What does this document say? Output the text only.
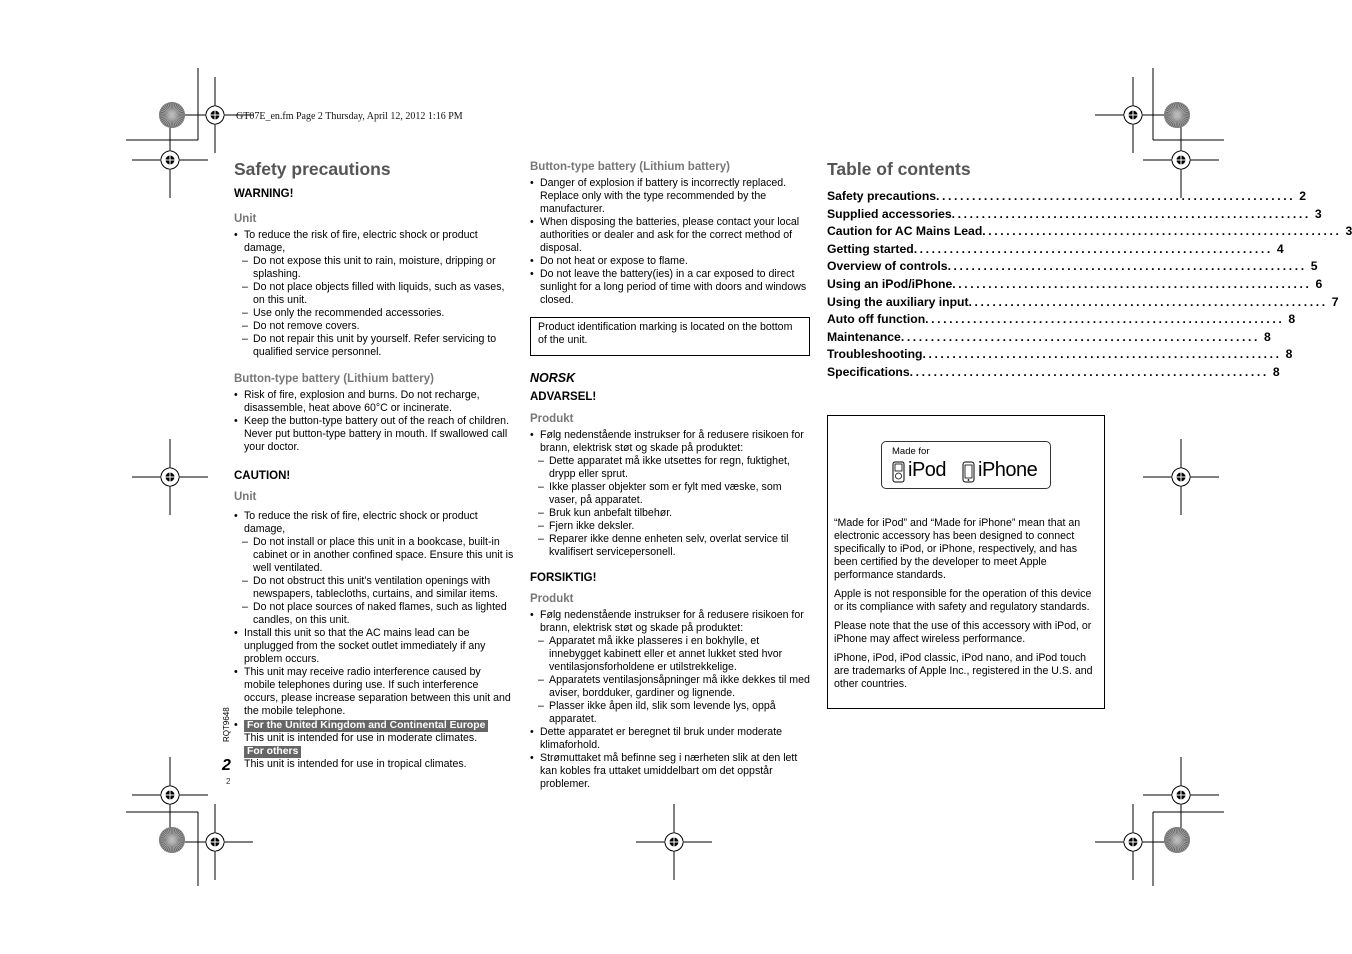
GT07E_en.fm Page 2 Thursday, April 12, 2012 1:16 PM
Safety precautions
WARNING!
Unit
• To reduce the risk of fire, electric shock or product damage,
– Do not expose this unit to rain, moisture, dripping or splashing.
– Do not place objects filled with liquids, such as vases, on this unit.
– Use only the recommended accessories.
– Do not remove covers.
– Do not repair this unit by yourself. Refer servicing to qualified service personnel.
Button-type battery (Lithium battery)
• Risk of fire, explosion and burns. Do not recharge, disassemble, heat above 60°C or incinerate.
• Keep the button-type battery out of the reach of children. Never put button-type battery in mouth. If swallowed call your doctor.
CAUTION!
Unit
• To reduce the risk of fire, electric shock or product damage,
– Do not install or place this unit in a bookcase, built-in cabinet or in another confined space. Ensure this unit is well ventilated.
– Do not obstruct this unit’s ventilation openings with newspapers, tablecloths, curtains, and similar items.
– Do not place sources of naked flames, such as lighted candles, on this unit.
• Install this unit so that the AC mains lead can be unplugged from the socket outlet immediately if any problem occurs.
• This unit may receive radio interference caused by mobile telephones during use. If such interference occurs, please increase separation between this unit and the mobile telephone.
• For the United Kingdom and Continental Europe
This unit is intended for use in moderate climates.
For others
This unit is intended for use in tropical climates.
Button-type battery (Lithium battery)
• Danger of explosion if battery is incorrectly replaced. Replace only with the type recommended by the manufacturer.
• When disposing the batteries, please contact your local authorities or dealer and ask for the correct method of disposal.
• Do not heat or expose to flame.
• Do not leave the battery(ies) in a car exposed to direct sunlight for a long period of time with doors and windows closed.
Product identification marking is located on the bottom of the unit.
NORSK
ADVARSEL!
Produkt
• Følg nedenstående instrukser for å redusere risikoen for brann, elektrisk støt og skade på produktet:
– Dette apparatet må ikke utsettes for regn, fuktighet, drypp eller sprut.
– Ikke plasser objekter som er fylt med væske, som vaser, på apparatet.
– Bruk kun anbefalt tilbehør.
– Fjern ikke deksler.
– Reparer ikke denne enheten selv, overlat service til kvalifisert servicepersonell.
FORSIKTIG!
Produkt
• Følg nedenstående instrukser for å redusere risikoen for brann, elektrisk støt og skade på produktet:
– Apparatet må ikke plasseres i en bokhylle, et innebygget kabinett eller et annet lukket sted hvor ventilasjonsforholdene er utilstrekkelige.
– Apparatets ventilasjonsåpninger må ikke dekkes til med aviser, bordduker, gardiner og lignende.
– Plasser ikke åpen ild, slik som levende lys, oppå apparatet.
• Dette apparatet er beregnet til bruk under moderate klimaforhold.
• Strømuttaket må befinne seg i nærheten slik at den lett kan kobles fra uttaket umiddelbart om det oppstår problemer.
Table of contents
Safety precautions ............................................................ 2
Supplied accessories ............................................................ 3
Caution for AC Mains Lead ............................................................ 3
Getting started ............................................................ 4
Overview of controls ............................................................ 5
Using an iPod/iPhone ............................................................ 6
Using the auxiliary input ............................................................ 7
Auto off function ............................................................ 8
Maintenance ............................................................ 8
Troubleshooting ............................................................ 8
Specifications ............................................................ 8
Made for
iPod iPhone

“Made for iPod” and “Made for iPhone” mean that an electronic accessory has been designed to connect specifically to iPod, or iPhone, respectively, and has been certified by the developer to meet Apple performance standards.

Apple is not responsible for the operation of this device or its compliance with safety and regulatory standards.

Please note that the use of this accessory with iPod, or iPhone may affect wireless performance.

iPhone, iPod, iPod classic, iPod nano, and iPod touch are trademarks of Apple Inc., registered in the U.S. and other countries.

RQT9648
2
2
